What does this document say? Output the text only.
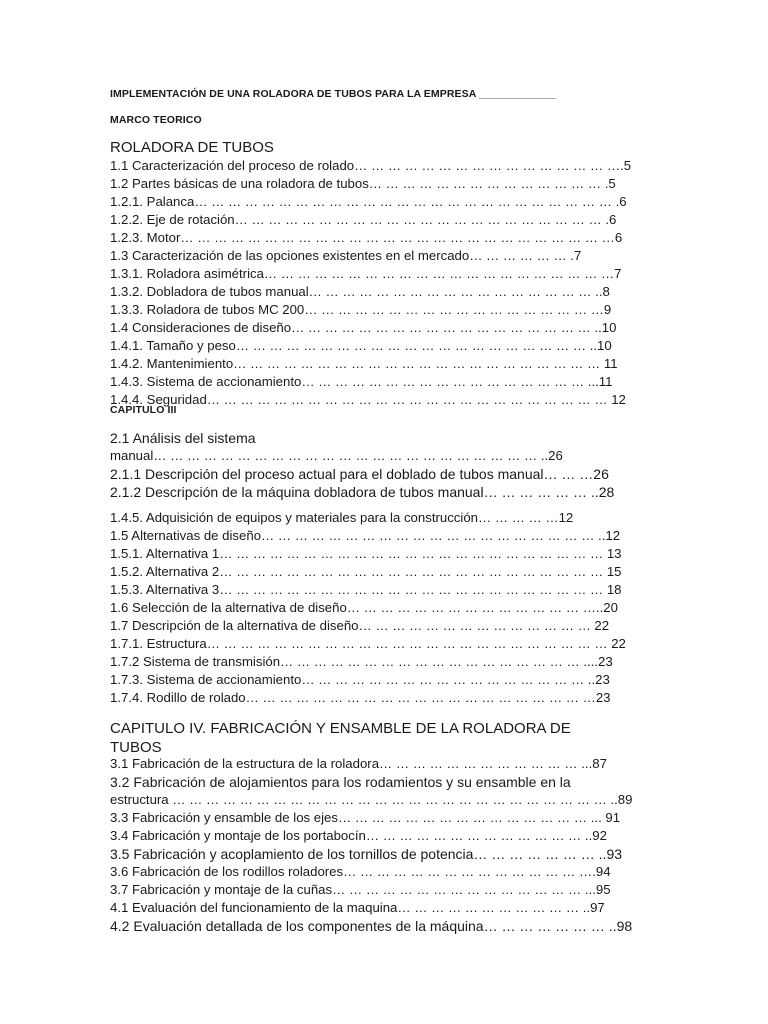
IMPLEMENTACIÓN DE UNA ROLADORA DE TUBOS PARA LA EMPRESA _____________
MARCO TEORICO
ROLADORA DE TUBOS
1.1 Caracterización del proceso de rolado… … … … … … … … … … … … … … … ….5
1.2 Partes básicas de una roladora de tubos… … … … … … … … … … … … … … .5
1.2.1. Palanca… … … … … … … … … … … … … … … … … … … … … … … … … .6
1.2.2. Eje de rotación… … … … … … … … … … … … … … … … … … … … … … .6
1.2.3. Motor… … … … … … … … … … … … … … … … … … … … … … … … … …6
1.3 Caracterización de las opciones existentes en el mercado… … … … … … .7
1.3.1. Roladora asimétrica… … … … … … … … … … … … … … … … … … … … …7
1.3.2. Dobladora de tubos manual… … … … … … … … … … … … … … … … … ..8
1.3.3. Roladora de tubos MC 200… … … … … … … … … … … … … … … … … …9
1.4 Consideraciones de diseño… … … … … … … … … … … … … … … … … … ..10
1.4.1. Tamaño y peso… … … … … … … … … … … … … … … … … … … … … ..10
1.4.2. Mantenimiento… … … … … … … … … … … … … … … … … … … … … … 11
1.4.3. Sistema de accionamiento… … … … … … … … … … … … … … … … … ...11
1.4.4. Seguridad… … … … … … … … … … … … … … … … … … … … … … … … 12
CAPITULO III
2.1 Análisis del sistema
manual… … … … … … … … … … … … … … … … … … … … … … … ..26
2.1.1 Descripción del proceso actual para el doblado de tubos manual… … …26
2.1.2 Descripción de la máquina dobladora de tubos manual… … … … … … ..28
1.4.5. Adquisición de equipos y materiales para la construcción… … … … …12
1.5 Alternativas de diseño… … … … … … … … … … … … … … … … … … … … ..12
1.5.1. Alternativa 1… … … … … … … … … … … … … … … … … … … … … … … 13
1.5.2. Alternativa 2… … … … … … … … … … … … … … … … … … … … … … … 15
1.5.3. Alternativa 3… … … … … … … … … … … … … … … … … … … … … … … 18
1.6 Selección de la alternativa de diseño… … … … … … … … … … … … … … …..20
1.7 Descripción de la alternativa de diseño… … … … … … … … … … … … … … 22
1.7.1. Estructura… … … … … … … … … … … … … … … … … … … … … … … … 22
1.7.2 Sistema de transmisión… … … … … … … … … … … … … … … … … … ....23
1.7.3. Sistema de accionamiento… … … … … … … … … … … … … … … … … ..23
1.7.4. Rodillo de rolado… … … … … … … … … … … … … … … … … … … … …23
CAPITULO IV. FABRICACIÓN Y ENSAMBLE DE LA ROLADORA DE TUBOS
3.1 Fabricación de la estructura de la roladora… … … … … … … … … … … … ...87
3.2 Fabricación de alojamientos para los rodamientos y su ensamble en la
estructura … … … … … … … … … … … … … … … … … … … … … … … … … … ..89
3.3 Fabricación y ensamble de los ejes… … … … … … … … … … … … … … … ... 91
3.4 Fabricación y montaje de los portabocín… … … … … … … … … … … … … ..92
3.5 Fabricación y acoplamiento de los tornillos de potencia… … … … … … … ..93
3.6 Fabricación de los rodillos roladores… … … … … … … … … … … … … … ….94
3.7 Fabricación y montaje de la cuñas… … … … … … … … … … … … … … … ...95
4.1 Evaluación del funcionamiento de la maquina… … … … … … … … … … … ..97
4.2 Evaluación detallada de los componentes de la máquina… … … … … … … ..98
